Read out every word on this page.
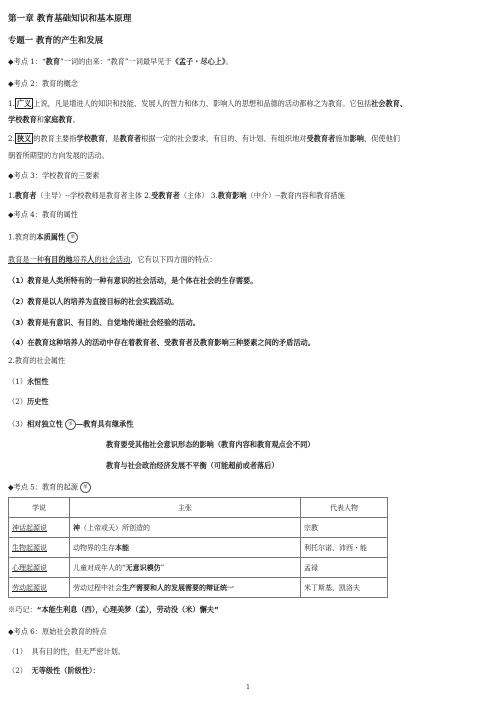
第一章 教育基础知识和基本原理
专题一 教育的产生和发展
◆考点 1：“教育”一词的由来：“教育”一词最早见于《孟子・尽心上》。
◆考点 2：教育的概念
1. 广义 上说，凡是增进人的知识和技能、发展人的智力和体力、影响人的思想和品德的活动都称之为教育。它包括社会教育、
学校教育和家庭教育。
2. 狭义 的教育主要指学校教育，是教育者根据一定的社会要求，有目的、有计划、有组织地对受教育者施加影响，促使他们
朝着所期望的方向发展的活动。
◆考点 3：学校教育的三要素
1.教育者（主导）--学校教师是教育者主体 2.受教育者（主体） 3.教育影响（中介）--教育内容和教育措施
◆考点 4：教育的属性
1.教育的本质属性 单
教育是一种有目的地培养人的社会活动，它有以下四方面的特点：
（1）教育是人类所特有的一种有意识的社会活动，是个体在社会的生存需要。
（2）教育是以人的培养为直接目标的社会实践活动。
（3）教育是有意识、有目的、自觉地传递社会经验的活动。
（4）在教育这种培养人的活动中存在着教育者、受教育者及教育影响三种要素之间的矛盾活动。
2.教育的社会属性
（1）永恒性
（2）历史性
（3）相对独立性 多 —教育具有继承性
教育要受其他社会意识形态的影响（教育内容和教育观点会不同）
教育与社会政治经济发展不平衡（可能超前或者落后）
◆考点 5：教育的起源 单
学说	主张	代表人物
神话起源说	神（上帝或天）所创造的	宗教
生物起源说	动物界的生存本能	利托尔诺、沛西・能
心理起源说	儿童对成年人的“无意识模仿”	孟禄
劳动起源说	劳动过程中社会生产需要和人的发展需要的辩证统一	米丁斯基、凯洛夫
※巧记：“本能生利息（西），心理美梦（孟），劳动没（米）懈夫”
◆考点 6：原始社会教育的特点
（1） 具有目的性，但无严密计划。
（2） 无等级性（阶级性）：
1
